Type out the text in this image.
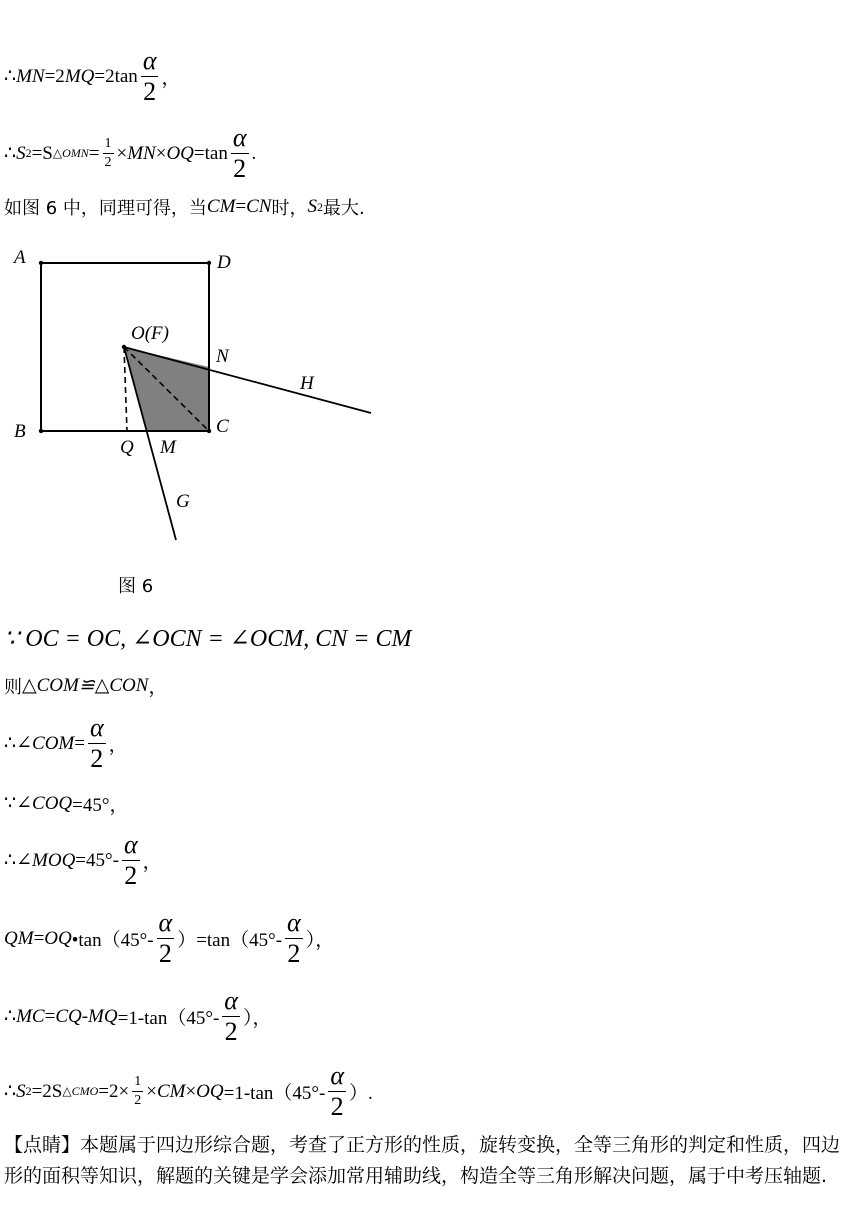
∴ MN =2 MQ $=2\tan \frac{\alpha}{2}$ ，
∴ S 2 =S △OMN = $\frac{1}{2}$ × MN × OQ $=\tan \frac{\alpha}{2}$ .
如图 6 中，同理可得，当 CM = CN 时， S 2 最大.
A	D
B	C
O(F)
N
H
Q M
G
图 6
∵ OC = OC, ∠OCN = ∠OCM, CN = CM
则 △COM≌△CON ，
∴∠ COM = $\frac{\alpha}{2}$ ，
∵∠ COQ =45°，
∴∠ MOQ $=45^\circ- \frac{\alpha}{2}$ ，
QM = OQ •tan（45°- $\frac{\alpha}{2} )=\tan(45^\circ- \frac{\alpha}{2}$ ），
∴ MC = CQ - MQ $=1-\tan(45^\circ- \frac{\alpha}{2}$ ），
∴ S 2 =2S △CMO $=2\times \frac{1}{2}$ × CM × OQ $=1-\tan(45^\circ- \frac{\alpha}{2}$ ）.
【点睛】本题属于四边形综合题，考查了正方形的性质，旋转变换，全等三角形的判定和性质，四边形的面积等知识，解题的关键是学会添加常用辅助线，构造全等三角形解决问题，属于中考压轴题.
